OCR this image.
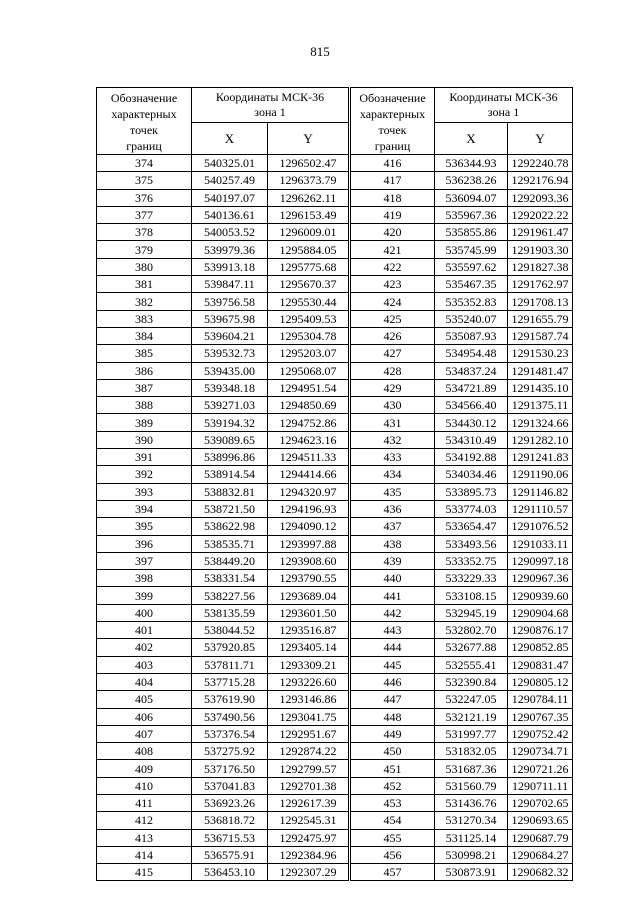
815
Обозначение
характерных
точек
границ	Координаты МСК-36
зона 1	
	X	Y
374	540325.01	1296502.47
375	540257.49	1296373.79
376	540197.07	1296262.11
377	540136.61	1296153.49
378	540053.52	1296009.01
379	539979.36	1295884.05
380	539913.18	1295775.68
381	539847.11	1295670.37
382	539756.58	1295530.44
383	539675.98	1295409.53
384	539604.21	1295304.78
385	539532.73	1295203.07
386	539435.00	1295068.07
387	539348.18	1294951.54
388	539271.03	1294850.69
389	539194.32	1294752.86
390	539089.65	1294623.16
391	538996.86	1294511.33
392	538914.54	1294414.66
393	538832.81	1294320.97
394	538721.50	1294196.93
395	538622.98	1294090.12
396	538535.71	1293997.88
397	538449.20	1293908.60
398	538331.54	1293790.55
399	538227.56	1293689.04
400	538135.59	1293601.50
401	538044.52	1293516.87
402	537920.85	1293405.14
403	537811.71	1293309.21
404	537715.28	1293226.60
405	537619.90	1293146.86
406	537490.56	1293041.75
407	537376.54	1292951.67
408	537275.92	1292874.22
409	537176.50	1292799.57
410	537041.83	1292701.38
411	536923.26	1292617.39
412	536818.72	1292545.31
413	536715.53	1292475.97
414	536575.91	1292384.96
415	536453.10	1292307.29
Обозначение
характерных
точек
границ	Координаты МСК-36
зона 1	
	X	Y
416	536344.93	1292240.78
417	536238.26	1292176.94
418	536094.07	1292093.36
419	535967.36	1292022.22
420	535855.86	1291961.47
421	535745.99	1291903.30
422	535597.62	1291827.38
423	535467.35	1291762.97
424	535352.83	1291708.13
425	535240.07	1291655.79
426	535087.93	1291587.74
427	534954.48	1291530.23
428	534837.24	1291481.47
429	534721.89	1291435.10
430	534566.40	1291375.11
431	534430.12	1291324.66
432	534310.49	1291282.10
433	534192.88	1291241.83
434	534034.46	1291190.06
435	533895.73	1291146.82
436	533774.03	1291110.57
437	533654.47	1291076.52
438	533493.56	1291033.11
439	533352.75	1290997.18
440	533229.33	1290967.36
441	533108.15	1290939.60
442	532945.19	1290904.68
443	532802.70	1290876.17
444	532677.88	1290852.85
445	532555.41	1290831.47
446	532390.84	1290805.12
447	532247.05	1290784.11
448	532121.19	1290767.35
449	531997.77	1290752.42
450	531832.05	1290734.71
451	531687.36	1290721.26
452	531560.79	1290711.11
453	531436.76	1290702.65
454	531270.34	1290693.65
455	531125.14	1290687.79
456	530998.21	1290684.27
457	530873.91	1290682.32
